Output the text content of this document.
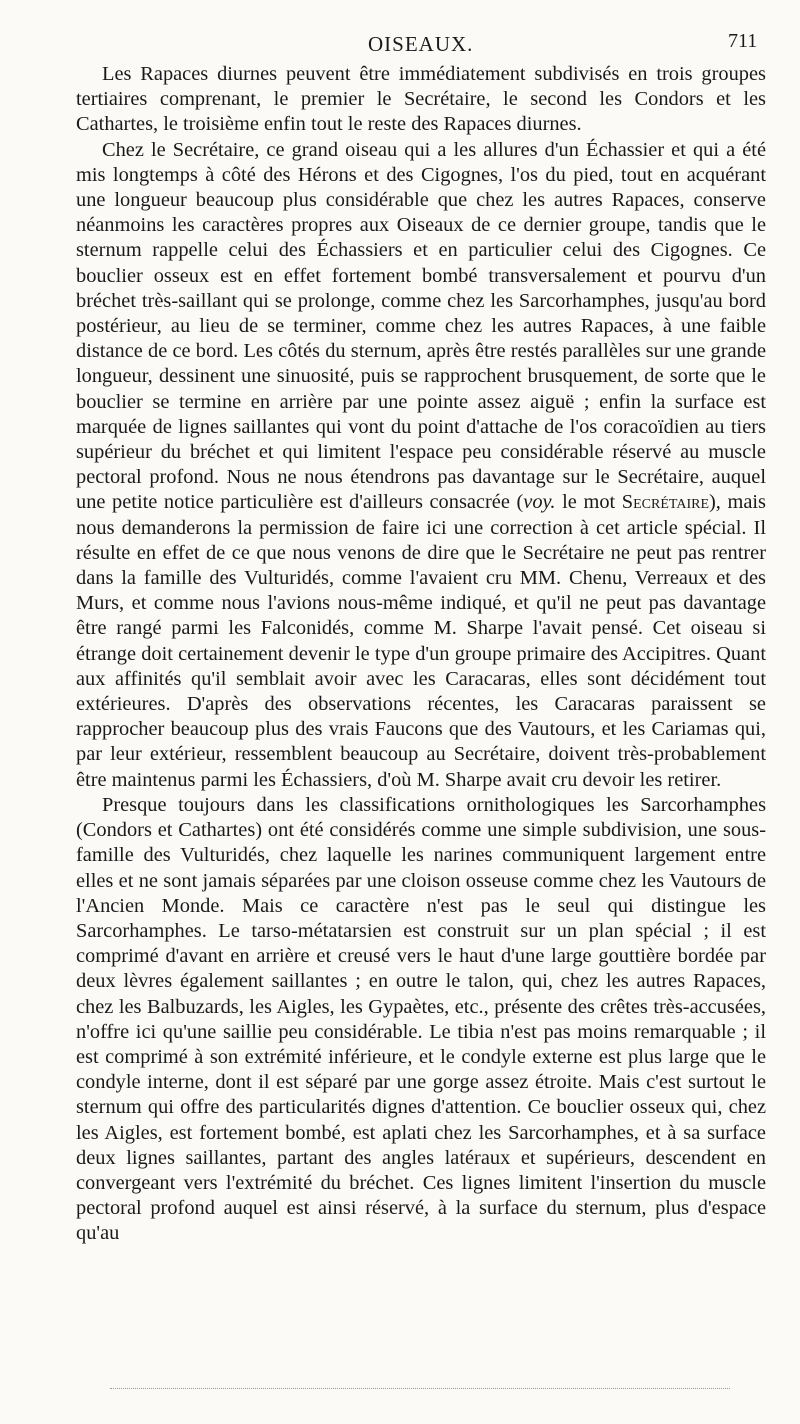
OISEAUX.	711

Les Rapaces diurnes peuvent être immédiatement subdivisés en trois groupes tertiaires comprenant, le premier le Secrétaire, le second les Condors et les Cathartes, le troisième enfin tout le reste des Rapaces diurnes.

Chez le Secrétaire, ce grand oiseau qui a les allures d'un Échassier et qui a été mis longtemps à côté des Hérons et des Cigognes, l'os du pied, tout en acquérant une longueur beaucoup plus considérable que chez les autres Rapaces, conserve néanmoins les caractères propres aux Oiseaux de ce dernier groupe, tandis que le sternum rappelle celui des Échassiers et en particulier celui des Cigognes. Ce bouclier osseux est en effet fortement bombé transversalement et pourvu d'un bréchet très-saillant qui se prolonge, comme chez les Sarcorhamphes, jusqu'au bord postérieur, au lieu de se terminer, comme chez les autres Rapaces, à une faible distance de ce bord. Les côtés du sternum, après être restés parallèles sur une grande longueur, dessinent une sinuosité, puis se rapprochent brusquement, de sorte que le bouclier se termine en arrière par une pointe assez aiguë ; enfin la surface est marquée de lignes saillantes qui vont du point d'attache de l'os coracoïdien au tiers supérieur du bréchet et qui limitent l'espace peu considérable réservé au muscle pectoral profond. Nous ne nous étendrons pas davantage sur le Secrétaire, auquel une petite notice particulière est d'ailleurs consacrée (voy. le mot Secrétaire), mais nous demanderons la permission de faire ici une correction à cet article spécial. Il résulte en effet de ce que nous venons de dire que le Secrétaire ne peut pas rentrer dans la famille des Vulturidés, comme l'avaient cru MM. Chenu, Verreaux et des Murs, et comme nous l'avions nous-même indiqué, et qu'il ne peut pas davantage être rangé parmi les Falconidés, comme M. Sharpe l'avait pensé. Cet oiseau si étrange doit certainement devenir le type d'un groupe primaire des Accipitres. Quant aux affinités qu'il semblait avoir avec les Caracaras, elles sont décidément tout extérieures. D'après des observations récentes, les Caracaras paraissent se rapprocher beaucoup plus des vrais Faucons que des Vautours, et les Cariamas qui, par leur extérieur, ressemblent beaucoup au Secrétaire, doivent très-probablement être maintenus parmi les Échassiers, d'où M. Sharpe avait cru devoir les retirer.

Presque toujours dans les classifications ornithologiques les Sarcorhamphes (Condors et Cathartes) ont été considérés comme une simple subdivision, une sous-famille des Vulturidés, chez laquelle les narines communiquent largement entre elles et ne sont jamais séparées par une cloison osseuse comme chez les Vautours de l'Ancien Monde. Mais ce caractère n'est pas le seul qui distingue les Sarcorhamphes. Le tarso-métatarsien est construit sur un plan spécial ; il est comprimé d'avant en arrière et creusé vers le haut d'une large gouttière bordée par deux lèvres également saillantes ; en outre le talon, qui, chez les autres Rapaces, chez les Balbuzards, les Aigles, les Gypaètes, etc., présente des crêtes très-accusées, n'offre ici qu'une saillie peu considérable. Le tibia n'est pas moins remarquable ; il est comprimé à son extrémité inférieure, et le condyle externe est plus large que le condyle interne, dont il est séparé par une gorge assez étroite. Mais c'est surtout le sternum qui offre des particularités dignes d'attention. Ce bouclier osseux qui, chez les Aigles, est fortement bombé, est aplati chez les Sarcorhamphes, et à sa surface deux lignes saillantes, partant des angles latéraux et supérieurs, descendent en convergeant vers l'extrémité du bréchet. Ces lignes limitent l'insertion du muscle pectoral profond auquel est ainsi réservé, à la surface du sternum, plus d'espace qu'au
